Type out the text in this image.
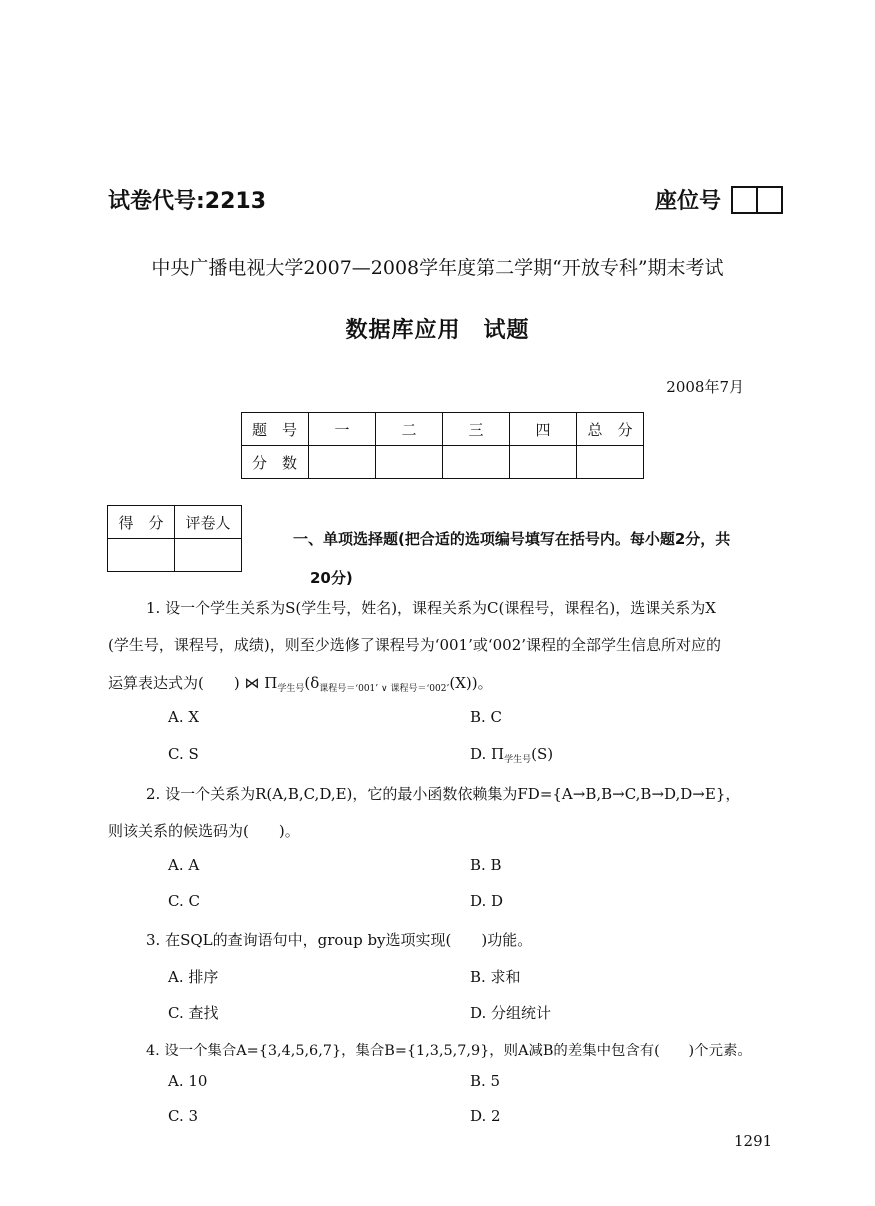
试卷代号:2213	座位号
中央广播电视大学2007—2008学年度第二学期“开放专科”期末考试
数据库应用　试题
2008年7月
题　号	一	二	三	四	总　分
分　数					
得　分	评卷人

一、单项选择题(把合适的选项编号填写在括号内。每小题2分，共
20分)
1. 设一个学生关系为S(学生号，姓名)，课程关系为C(课程号，课程名)，选课关系为X
(学生号，课程号，成绩)，则至少选修了课程号为‘001’或‘002’课程的全部学生信息所对应的
运算表达式为(　　) ⋈ $\Pi_{学生号}(\delta_{课程号=‘001’ \vee 课程号=‘002’}(X))$。
A. X	B. C
C. S	D. $\Pi_{学生号}(S)$
2. 设一个关系为R(A,B,C,D,E)，它的最小函数依赖集为FD={A→B,B→C,B→D,D→E}，
则该关系的候选码为(　　)。
A. A	B. B
C. C	D. D
3. 在SQL的查询语句中，group by选项实现(　　)功能。
A. 排序	B. 求和
C. 查找	D. 分组统计
4. 设一个集合A={3,4,5,6,7}，集合B={1,3,5,7,9}，则A减B的差集中包含有(　　)个元素。
A. 10	B. 5
C. 3	D. 2
1291
